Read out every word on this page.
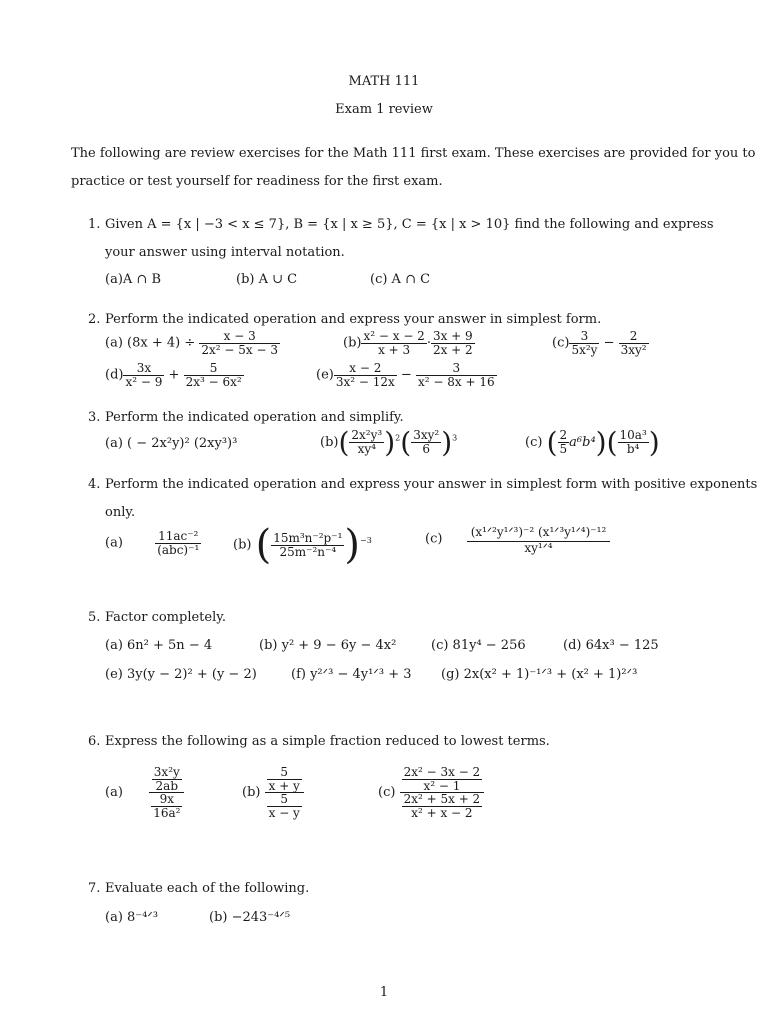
MATH 111
Exam 1 review
The following are review exercises for the Math 111 first exam. These exercises are provided for you to
practice or test yourself for readiness for the first exam.
1. Given A = {x | −3 < x ≤ 7}, B = {x | x ≥ 5}, C = {x | x > 10} find the following and express
your answer using interval notation.
(a)A ∩ B	(b) A ∪ C	(c) A ∩ C
2. Perform the indicated operation and express your answer in simplest form.
(a) $(8x + 4) \div \frac{x - 3}{\text{2x² − 5x − 3}}$	$(b) \frac{\text{x² − x − 2}}{x + 3} \cdot \frac{3x + 9}{2x + 2}$	$(c) \frac{3}{\text{5x²y}} - \frac{2}{\text{3xy²}}$
$(d) \frac{3x}{\text{x² − 9}} + \frac{5}{\text{2x³ − 6x²}}$	$(e) \frac{x - 2}{\text{3x² − 12x}} - \frac{3}{\text{x² − 8x + 16}}$
3. Perform the indicated operation and simplify.
(a) ( − 2x²y)² (2xy³)³	$(b)( \frac{\text{2x²y³}}{\text{xy⁴}} )^2( \frac{\text{3xy²}}{6} )^3$	(c) ( $\frac{2}{5} a^6b^4)( \frac{\text{10a³}}{\text{b⁴}}$ )
4. Perform the indicated operation and express your answer in simplest form with positive exponents
only.
(a)	$\frac{\text{11ac⁻²}}{\text{(abc)⁻¹}} (b)$ ( $\frac{\text{15m³n⁻²p⁻¹}}{\text{25m⁻²n⁻⁴}} )^{-3}$	$(c) \frac{\text{(x¹ᐟ²y¹ᐟ³)⁻² (x¹ᐟ³y¹ᐟ⁴)⁻¹²}}{\text{xy¹ᐟ⁴}}$
5. Factor completely.
(a) 6n² + 5n − 4	(b) y² + 9 − 6y − 4x²	(c) 81y⁴ − 256	(d) 64x³ − 125
(e) 3y(y − 2)² + (y − 2)	(f) y²ᐟ³ − 4y¹ᐟ³ + 3 (g) 2x(x² + 1)⁻¹ᐟ³ + (x² + 1)²ᐟ³
6. Express the following as a simple fraction reduced to lowest terms.
$(a) \frac{\frac{\text{3x²y}}{2ab}}{\frac{9x}{\text{16a²}}}$	$(b) \frac{\frac{5}{x + y}}{\frac{5}{x - y}}$	$(c) \frac{\frac{\text{2x² − 3x − 2}}{\text{x² − 1}}}{\frac{\text{2x² + 5x + 2}}{\text{x² + x − 2}}}$
7. Evaluate each of the following.
(a) 8⁻⁴ᐟ³	(b) −243⁻⁴ᐟ⁵
1
